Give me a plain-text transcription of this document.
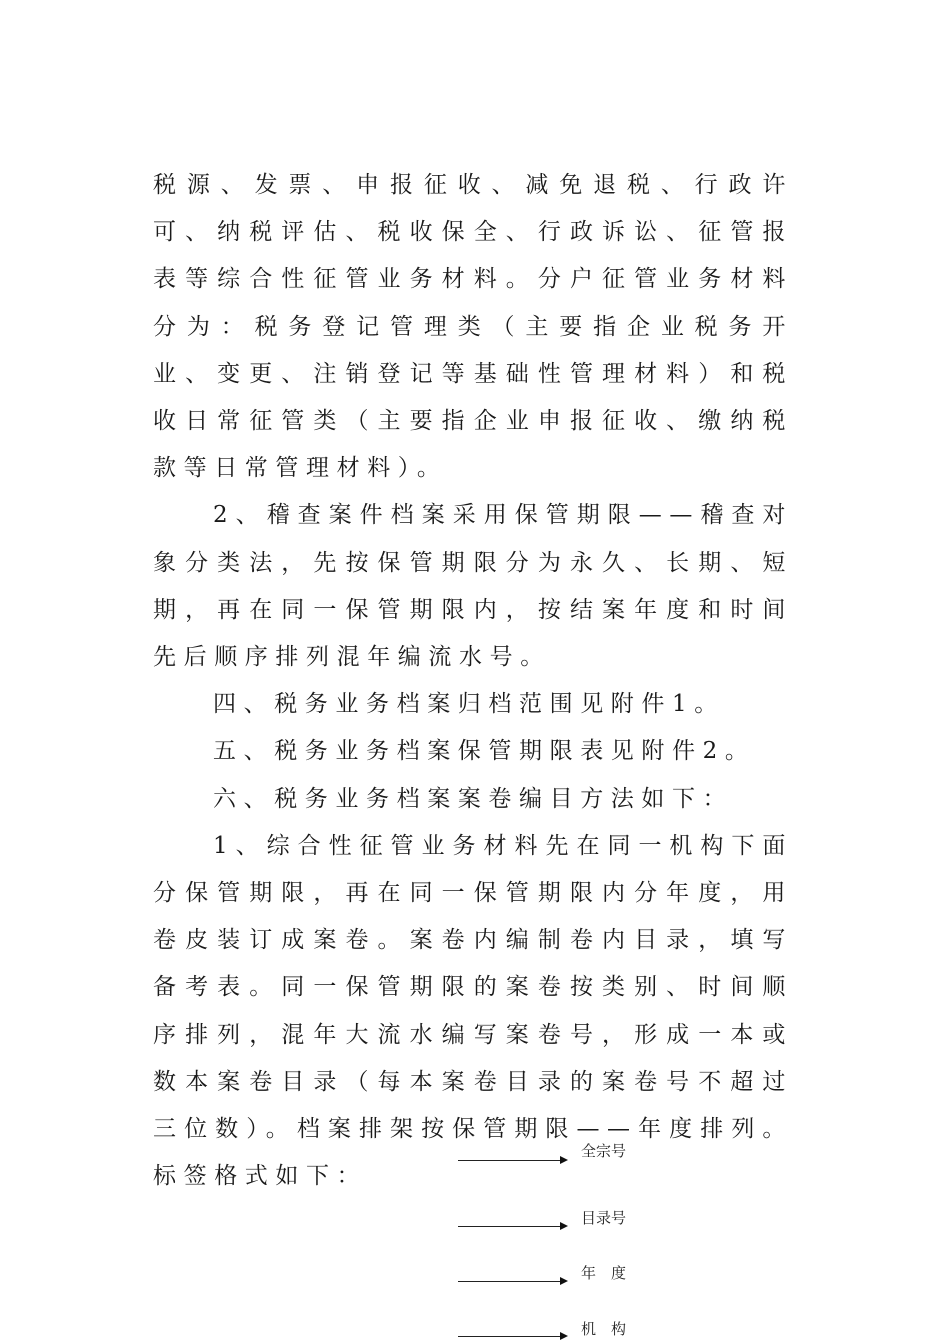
税源、发票、申报征收、减免退税、行政许可、纳税评估、税收保全、行政诉讼、征管报表等综合性征管业务材料。分户征管业务材料分为：税务登记管理类（主要指企业税务开业、变更、注销登记等基础性管理材料）和税收日常征管类（主要指企业申报征收、缴纳税款等日常管理材料）。

2、稽查案件档案采用保管期限——稽查对象分类法，先按保管期限分为永久、长期、短期，再在同一保管期限内，按结案年度和时间先后顺序排列混年编流水号。

四、税务业务档案归档范围见附件1。

五、税务业务档案保管期限表见附件2。

六、税务业务档案案卷编目方法如下：

1、综合性征管业务材料先在同一机构下面分保管期限，再在同一保管期限内分年度，用卷皮装订成案卷。案卷内编制卷内目录，填写备考表。同一保管期限的案卷按类别、时间顺序排列，混年大流水编写案卷号，形成一本或数本案卷目录（每本案卷目录的案卷号不超过三位数）。档案排架按保管期限——年度排列。标签格式如下：

全宗号
目录号
年　度
机　构
